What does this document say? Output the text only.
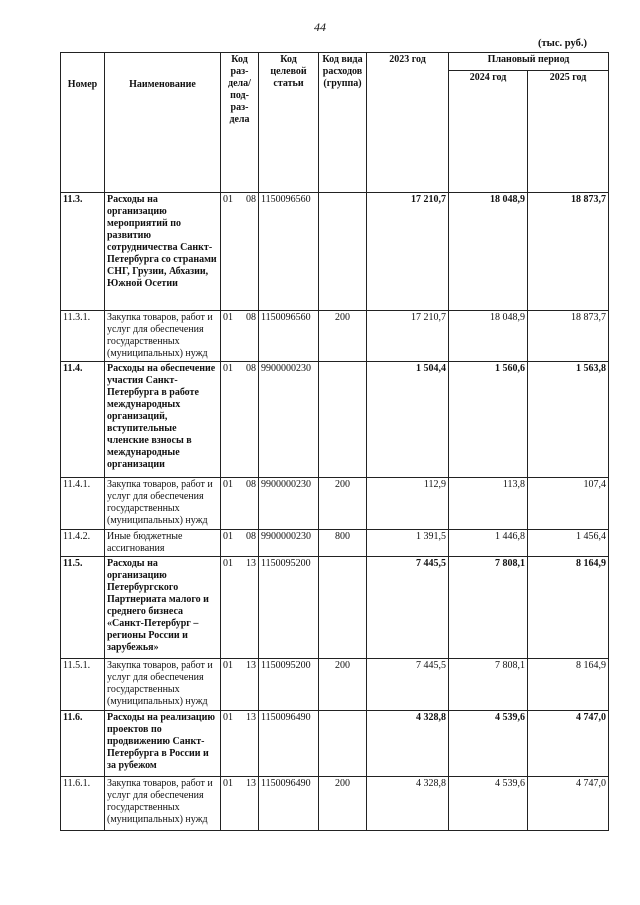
44
(тыс. руб.)
Номер	Наименование	Код раз-дела/ под-раз-дела	Код целевой статьи	Код вида расходов (группа)	2023 год	Плановый период	
						2024 год	2025 год
11.3.	Расходы на организацию мероприятий по развитию сотрудничества Санкт-Петербурга со странами СНГ, Грузии, Абхазии, Южной Осетии	01 08	1150096560		17 210,7	18 048,9	18 873,7
11.3.1.	Закупка товаров, работ и услуг для обеспечения государственных (муниципальных) нужд	01 08	1150096560	200	17 210,7	18 048,9	18 873,7
11.4.	Расходы на обеспечение участия Санкт-Петербурга в работе международных организаций, вступительные членские взносы в международные организации	01 08	9900000230		1 504,4	1 560,6	1 563,8
11.4.1.	Закупка товаров, работ и услуг для обеспечения государственных (муниципальных) нужд	01 08	9900000230	200	112,9	113,8	107,4
11.4.2.	Иные бюджетные ассигнования	01 08	9900000230	800	1 391,5	1 446,8	1 456,4
11.5.	Расходы на организацию Петербургского Партнериата малого и среднего бизнеса «Санкт-Петербург – регионы России и зарубежья»	01 13	1150095200		7 445,5	7 808,1	8 164,9
11.5.1.	Закупка товаров, работ и услуг для обеспечения государственных (муниципальных) нужд	01 13	1150095200	200	7 445,5	7 808,1	8 164,9
11.6.	Расходы на реализацию проектов по продвижению Санкт-Петербурга в России и за рубежом	01 13	1150096490		4 328,8	4 539,6	4 747,0
11.6.1.	Закупка товаров, работ и услуг для обеспечения государственных (муниципальных) нужд	01 13	1150096490	200	4 328,8	4 539,6	4 747,0
